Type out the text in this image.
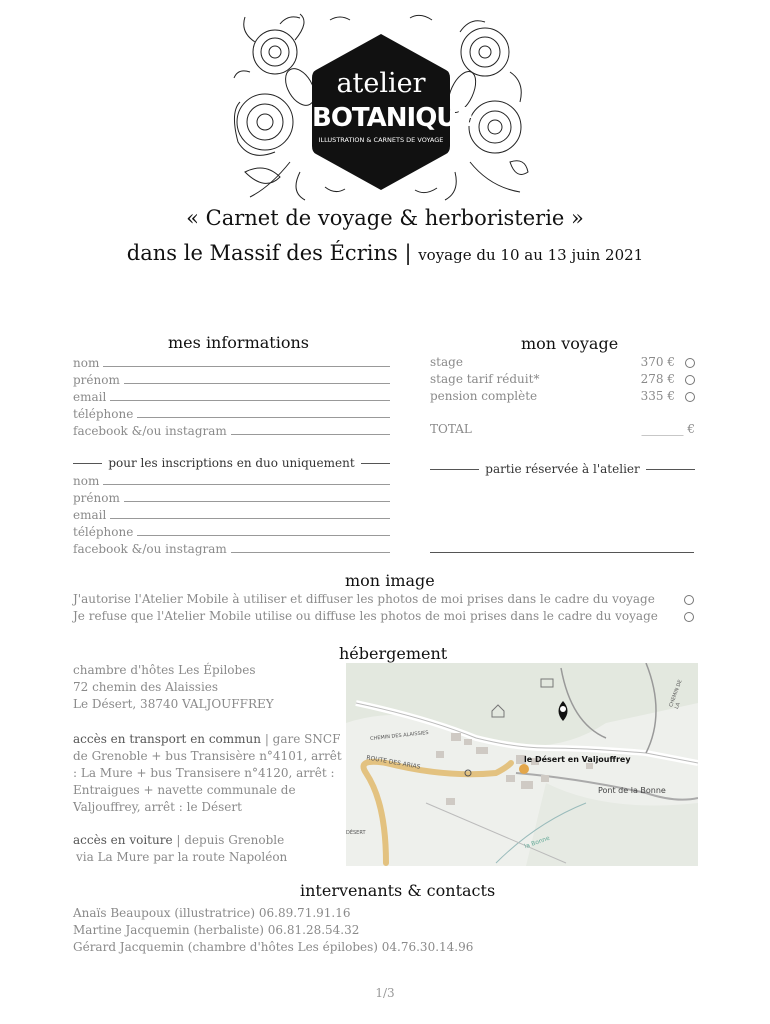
atelier
BOTANIQUE
ILLUSTRATION & CARNETS DE VOYAGE
« Carnet de voyage & herboristerie »
dans le Massif des Écrins | voyage du 10 au 13 juin 2021
mes informations
nom
prénom
email
téléphone
facebook &/ou instagram
pour les inscriptions en duo uniquement
nom
prénom
email
téléphone
facebook &/ou instagram
mon voyage
stage	370 €
stage tarif réduit*	278 €
pension complète	335 €
TOTAL	_______ €
partie réservée à l'atelier
mon image
J'autorise l'Atelier Mobile à utiliser et diffuser les photos de moi prises dans le cadre du voyage
Je refuse que l'Atelier Mobile utilise ou diffuse les photos de moi prises dans le cadre du voyage
hébergement
chambre d'hôtes Les Épilobes
72 chemin des Alaissies
Le Désert, 38740 VALJOUFFREY
accès en transport en commun | gare SNCF de Grenoble + bus Transisère n°4101, arrêt : La Mure + bus Transisere n°4120, arrêt : Entraigues + navette communale de Valjouffrey, arrêt : le Désert
accès en voiture | depuis Grenoble
via La Mure par la route Napoléon
le Désert en Valjouffrey
Pont de la Bonne
ROUTE DES ARIAS
CHEMIN DES ALAISSIES
DÉSERT
la Bonne
CHEMIN DE LA
intervenants & contacts
Anaïs Beaupoux (illustratrice) 06.89.71.91.16
Martine Jacquemin (herbaliste) 06.81.28.54.32
Gérard Jacquemin (chambre d'hôtes Les épilobes) 04.76.30.14.96
1/3
